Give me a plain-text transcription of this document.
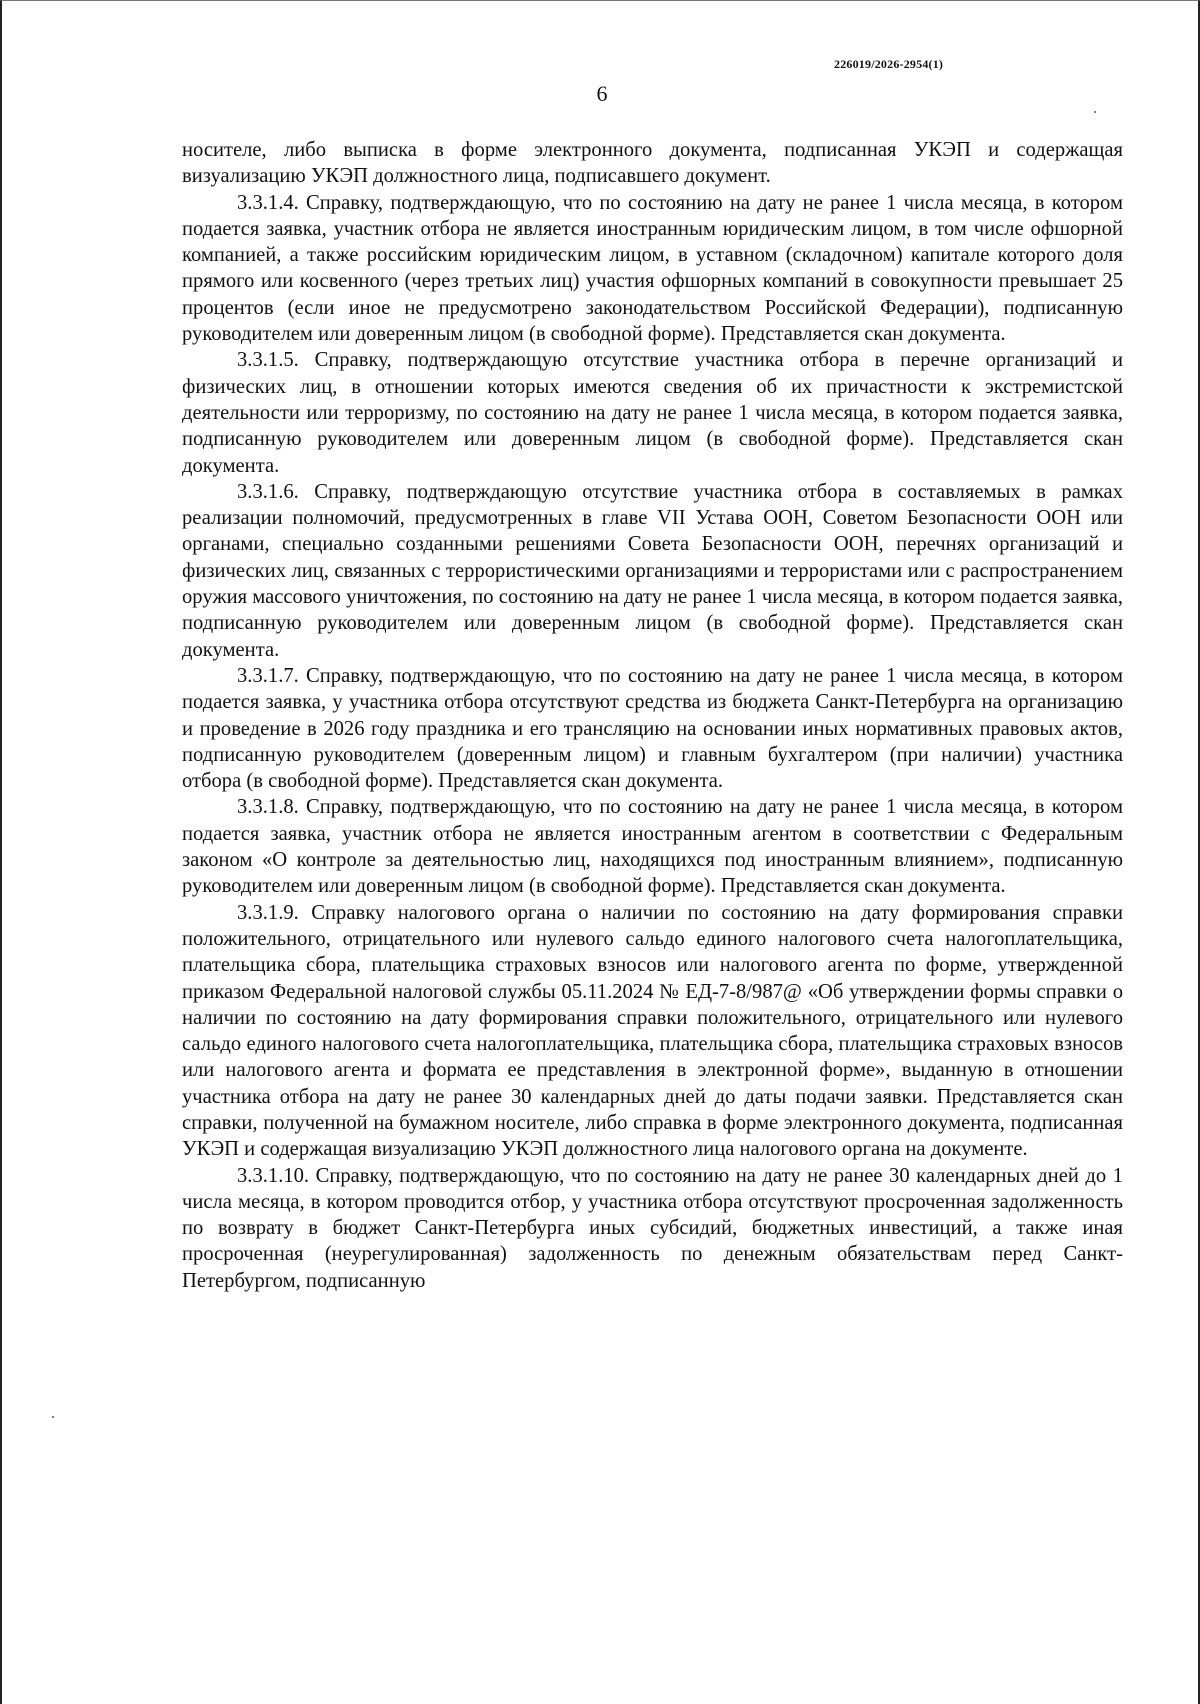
226019/2026-2954(1)
6

носителе, либо выписка в форме электронного документа, подписанная УКЭП и содержащая визуализацию УКЭП должностного лица, подписавшего документ.

3.3.1.4. Справку, подтверждающую, что по состоянию на дату не ранее 1 числа месяца, в котором подается заявка, участник отбора не является иностранным юридическим лицом, в том числе офшорной компанией, а также российским юридическим лицом, в уставном (складочном) капитале которого доля прямого или косвенного (через третьих лиц) участия офшорных компаний в совокупности превышает 25 процентов (если иное не предусмотрено законодательством Российской Федерации), подписанную руководителем или доверенным лицом (в свободной форме). Представляется скан документа.

3.3.1.5. Справку, подтверждающую отсутствие участника отбора в перечне организаций и физических лиц, в отношении которых имеются сведения об их причастности к экстремистской деятельности или терроризму, по состоянию на дату не ранее 1 числа месяца, в котором подается заявка, подписанную руководителем или доверенным лицом (в свободной форме). Представляется скан документа.

3.3.1.6. Справку, подтверждающую отсутствие участника отбора в составляемых в рамках реализации полномочий, предусмотренных в главе VII Устава ООН, Советом Безопасности ООН или органами, специально созданными решениями Совета Безопасности ООН, перечнях организаций и физических лиц, связанных с террористическими организациями и террористами или с распространением оружия массового уничтожения, по состоянию на дату не ранее 1 числа месяца, в котором подается заявка, подписанную руководителем или доверенным лицом (в свободной форме). Представляется скан документа.

3.3.1.7. Справку, подтверждающую, что по состоянию на дату не ранее 1 числа месяца, в котором подается заявка, у участника отбора отсутствуют средства из бюджета Санкт-Петербурга на организацию и проведение в 2026 году праздника и его трансляцию на основании иных нормативных правовых актов, подписанную руководителем (доверенным лицом) и главным бухгалтером (при наличии) участника отбора (в свободной форме). Представляется скан документа.

3.3.1.8. Справку, подтверждающую, что по состоянию на дату не ранее 1 числа месяца, в котором подается заявка, участник отбора не является иностранным агентом в соответствии с Федеральным законом «О контроле за деятельностью лиц, находящихся под иностранным влиянием», подписанную руководителем или доверенным лицом (в свободной форме). Представляется скан документа.

3.3.1.9. Справку налогового органа о наличии по состоянию на дату формирования справки положительного, отрицательного или нулевого сальдо единого налогового счета налогоплательщика, плательщика сбора, плательщика страховых взносов или налогового агента по форме, утвержденной приказом Федеральной налоговой службы 05.11.2024 № ЕД-7-8/987@ «Об утверждении формы справки о наличии по состоянию на дату формирования справки положительного, отрицательного или нулевого сальдо единого налогового счета налогоплательщика, плательщика сбора, плательщика страховых взносов или налогового агента и формата ее представления в электронной форме», выданную в отношении участника отбора на дату не ранее 30 календарных дней до даты подачи заявки. Представляется скан справки, полученной на бумажном носителе, либо справка в форме электронного документа, подписанная УКЭП и содержащая визуализацию УКЭП должностного лица налогового органа на документе.

3.3.1.10. Справку, подтверждающую, что по состоянию на дату не ранее 30 календарных дней до 1 числа месяца, в котором проводится отбор, у участника отбора отсутствуют просроченная задолженность по возврату в бюджет Санкт-Петербурга иных субсидий, бюджетных инвестиций, а также иная просроченная (неурегулированная) задолженность по денежным обязательствам перед Санкт-Петербургом, подписанную
